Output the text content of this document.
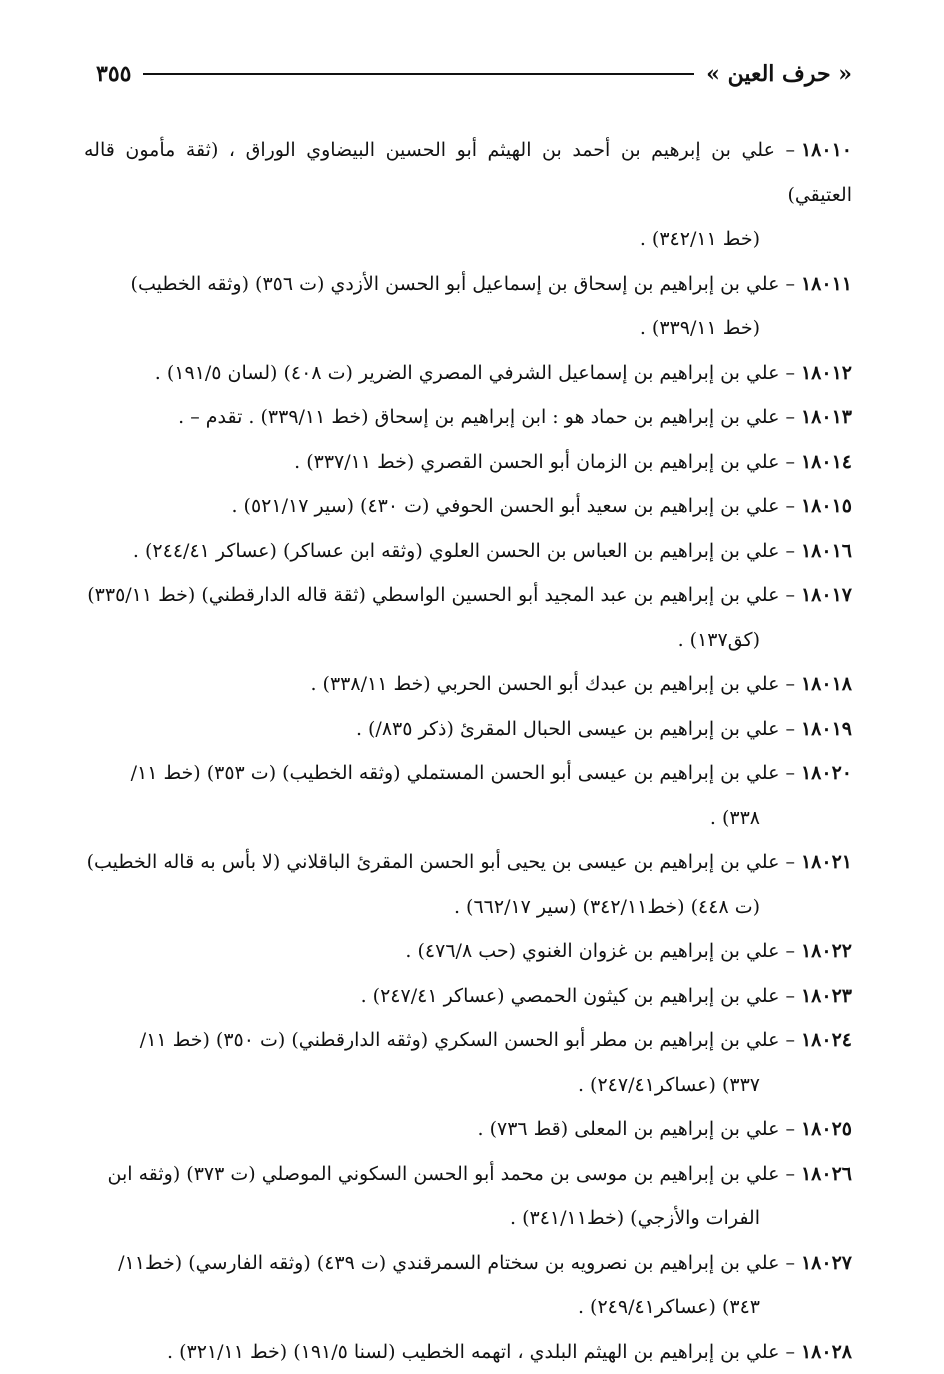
« حرف العين »
٣٥٥
١٨٠١٠– علي بن إبرهيم بن أحمد بن الهيثم أبو الحسين البيضاوي الوراق ، (ثقة مأمون قاله العتيقي)
(خط ٣٤٢/١١) .
١٨٠١١– علي بن إبراهيم بن إسحاق بن إسماعيل أبو الحسن الأزدي (ت ٣٥٦) (وثقه الخطيب)
(خط ٣٣٩/١١) .
١٨٠١٢– علي بن إبراهيم بن إسماعيل الشرفي المصري الضرير (ت ٤٠٨) (لسان ١٩١/٥) .
١٨٠١٣– علي بن إبراهيم بن حماد هو : ابن إبراهيم بن إسحاق (خط ٣٣٩/١١) . تقدم – .
١٨٠١٤– علي بن إبراهيم بن الزمان أبو الحسن القصري (خط ٣٣٧/١١) .
١٨٠١٥– علي بن إبراهيم بن سعيد أبو الحسن الحوفي (ت ٤٣٠) (سير ٥٢١/١٧) .
١٨٠١٦– علي بن إبراهيم بن العباس بن الحسن العلوي (وثقه ابن عساكر) (عساكر ٢٤٤/٤١) .
١٨٠١٧– علي بن إبراهيم بن عبد المجيد أبو الحسين الواسطي (ثقة قاله الدارقطني) (خط ٣٣٥/١١)
(كق١٣٧) .
١٨٠١٨– علي بن إبراهيم بن عبدك أبو الحسن الحربي (خط ٣٣٨/١١) .
١٨٠١٩– علي بن إبراهيم بن عيسى الحبال المقرئ (ذكر ٨٣٥/) .
١٨٠٢٠– علي بن إبراهيم بن عيسى أبو الحسن المستملي (وثقه الخطيب) (ت ٣٥٣) (خط ١١/
٣٣٨) .
١٨٠٢١– علي بن إبراهيم بن عيسى بن يحيى أبو الحسن المقرئ الباقلاني (لا بأس به قاله الخطيب)
(ت ٤٤٨) (خط٣٤٢/١١) (سير ٦٦٢/١٧) .
١٨٠٢٢– علي بن إبراهيم بن غزوان الغنوي (حب ٤٧٦/٨) .
١٨٠٢٣– علي بن إبراهيم بن كيثون الحمصي (عساكر ٢٤٧/٤١) .
١٨٠٢٤– علي بن إبراهيم بن مطر أبو الحسن السكري (وثقه الدارقطني) (ت ٣٥٠) (خط ١١/
٣٣٧) (عساكر٢٤٧/٤١) .
١٨٠٢٥– علي بن إبراهيم بن المعلى (قط ٧٣٦) .
١٨٠٢٦– علي بن إبراهيم بن موسى بن محمد أبو الحسن السكوني الموصلي (ت ٣٧٣) (وثقه ابن
الفرات والأزجي) (خط٣٤١/١١) .
١٨٠٢٧– علي بن إبراهيم بن نصرويه بن سختام السمرقندي (ت ٤٣٩) (وثقه الفارسي) (خط١١/
٣٤٣) (عساكر٢٤٩/٤١) .
١٨٠٢٨– علي بن إبراهيم بن الهيثم البلدي ، اتهمه الخطيب (لسنا ١٩١/٥) (خط ٣٢١/١١) .
